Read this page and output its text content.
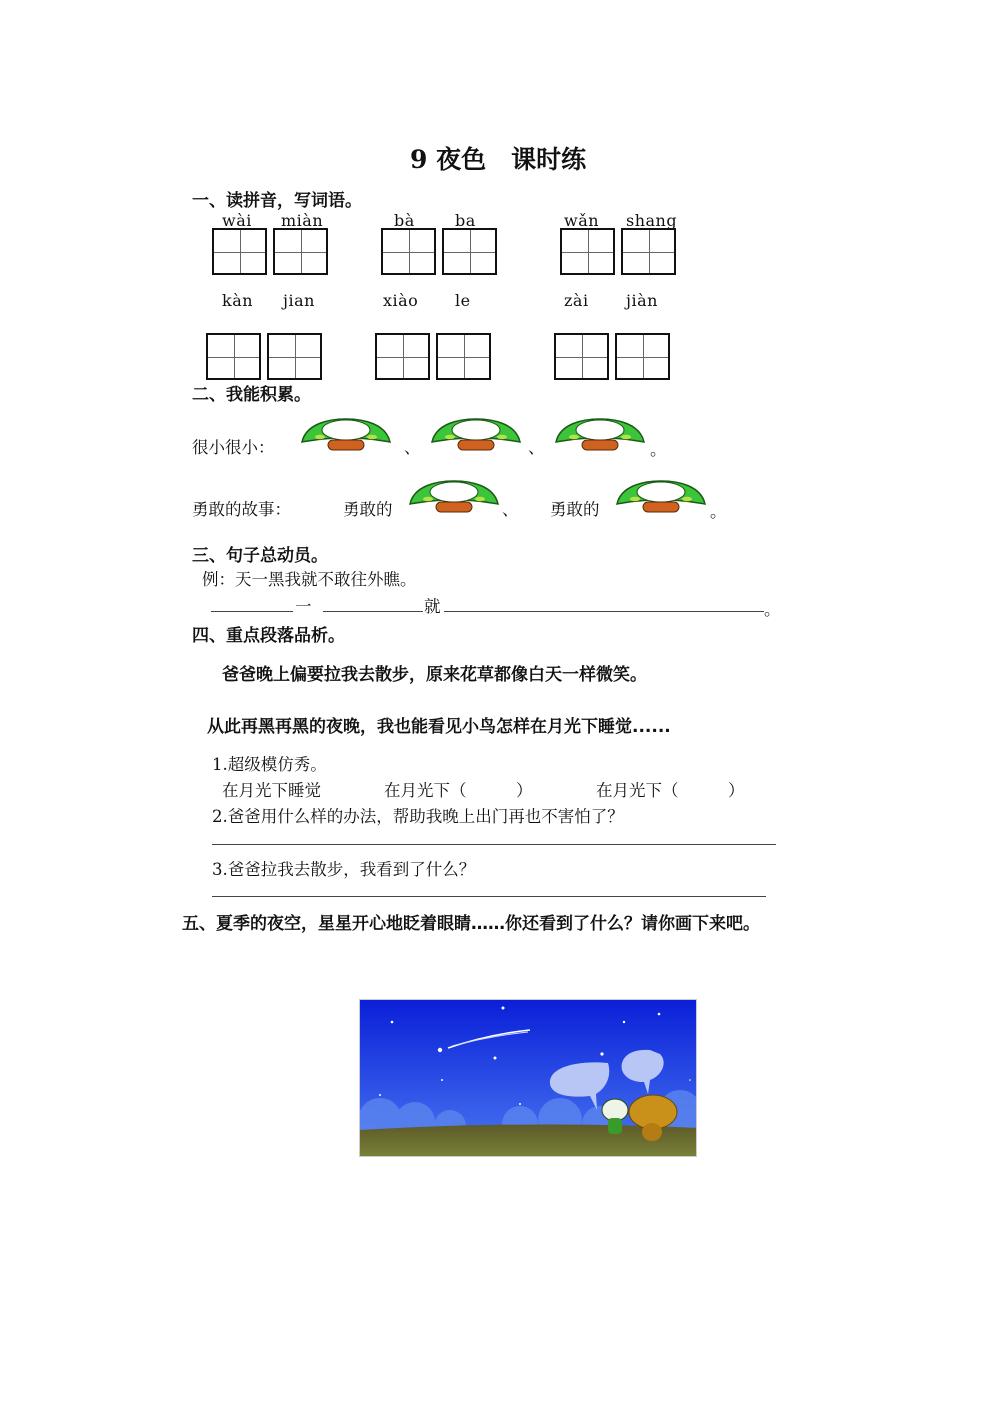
9 夜色　课时练
一、读拼音，写词语。
wài miàn	bà	ba	wǎn shang
kàn jian	xiào le	zài jiàn
二、我能积累。
很小很小：	、	、	。
勇敢的故事：	勇敢的	、 勇敢的	。
三、句子总动员。
例：天一黑我就不敢往外瞧。
一	就	。
四、重点段落品析。
爸爸晚上偏要拉我去散步，原来花草都像白天一样微笑。
从此再黑再黑的夜晚，我也能看见小鸟怎样在月光下睡觉......
1.超级模仿秀。
在月光下睡觉	在月光下（　　　）	在月光下（　　　）
2.爸爸用什么样的办法，帮助我晚上出门再也不害怕了？
3.爸爸拉我去散步，我看到了什么？
五、夏季的夜空，星星开心地眨着眼睛……你还看到了什么？请你画下来吧。
